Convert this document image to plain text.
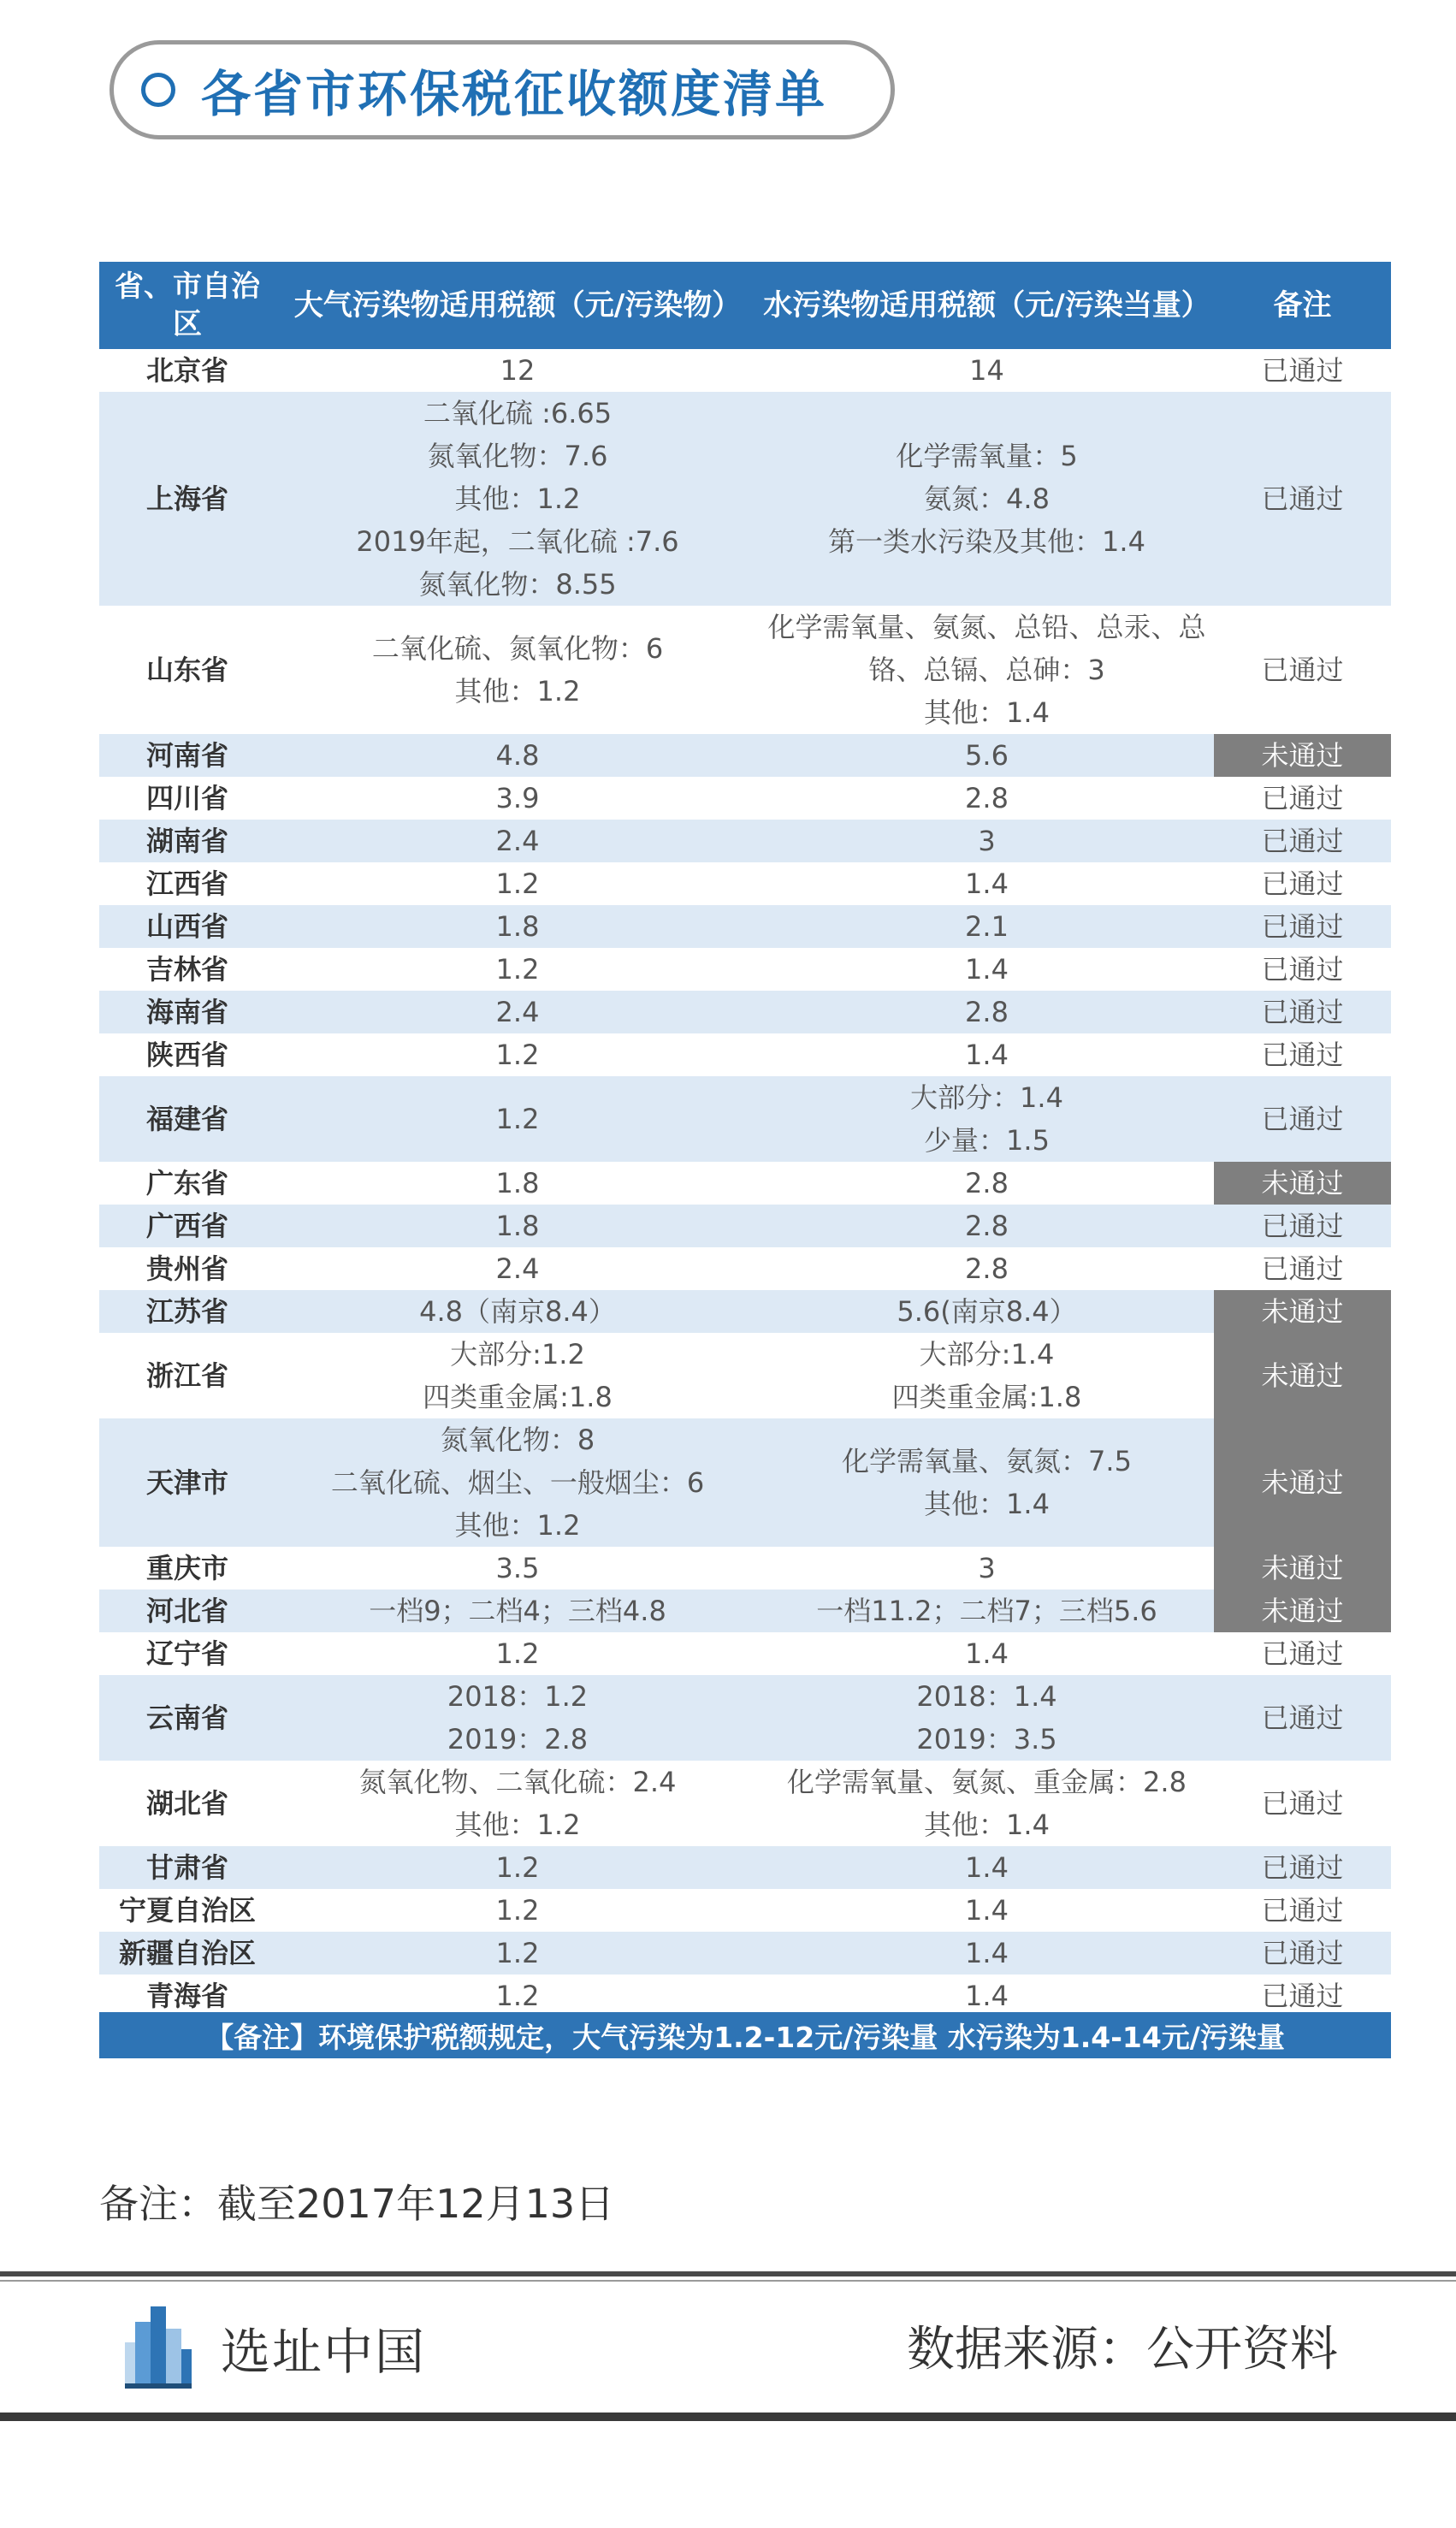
各省市环保税征收额度清单
省、市自治区	大气污染物适用税额（元/污染物）	水污染物适用税额（元/污染当量）	备注
北京省	12	14	已通过
上海省	二氧化硫 :6.65
氮氧化物：7.6
其他：1.2
2019年起，二氧化硫 :7.6
氮氧化物：8.55	化学需氧量：5
氨氮：4.8
第一类水污染及其他：1.4	已通过
山东省	二氧化硫、氮氧化物：6
其他：1.2	化学需氧量、氨氮、总铅、总汞、总铬、总镉、总砷：3
其他：1.4	已通过
河南省	4.8	5.6	未通过
四川省	3.9	2.8	已通过
湖南省	2.4	3	已通过
江西省	1.2	1.4	已通过
山西省	1.8	2.1	已通过
吉林省	1.2	1.4	已通过
海南省	2.4	2.8	已通过
陕西省	1.2	1.4	已通过
福建省	1.2	大部分：1.4
少量：1.5	已通过
广东省	1.8	2.8	未通过
广西省	1.8	2.8	已通过
贵州省	2.4	2.8	已通过
江苏省	4.8（南京8.4）	5.6(南京8.4）	未通过
浙江省	大部分:1.2
四类重金属:1.8	大部分:1.4
四类重金属:1.8	未通过
天津市	氮氧化物：8
二氧化硫、烟尘、一般烟尘：6
其他：1.2	化学需氧量、氨氮：7.5
其他：1.4	未通过
重庆市	3.5	3	未通过
河北省	一档9；二档4；三档4.8	一档11.2；二档7；三档5.6	未通过
辽宁省	1.2	1.4	已通过
云南省	2018：1.2
2019：2.8	2018：1.4
2019：3.5	已通过
湖北省	氮氧化物、二氧化硫：2.4
其他：1.2	化学需氧量、氨氮、重金属：2.8
其他：1.4	已通过
甘肃省	1.2	1.4	已通过
宁夏自治区	1.2	1.4	已通过
新疆自治区	1.2	1.4	已通过
青海省	1.2	1.4	已通过
【备注】环境保护税额规定，大气污染为1.2-12元/污染量 水污染为1.4-14元/污染量
备注：截至2017年12月13日
选址中国	数据来源：公开资料
